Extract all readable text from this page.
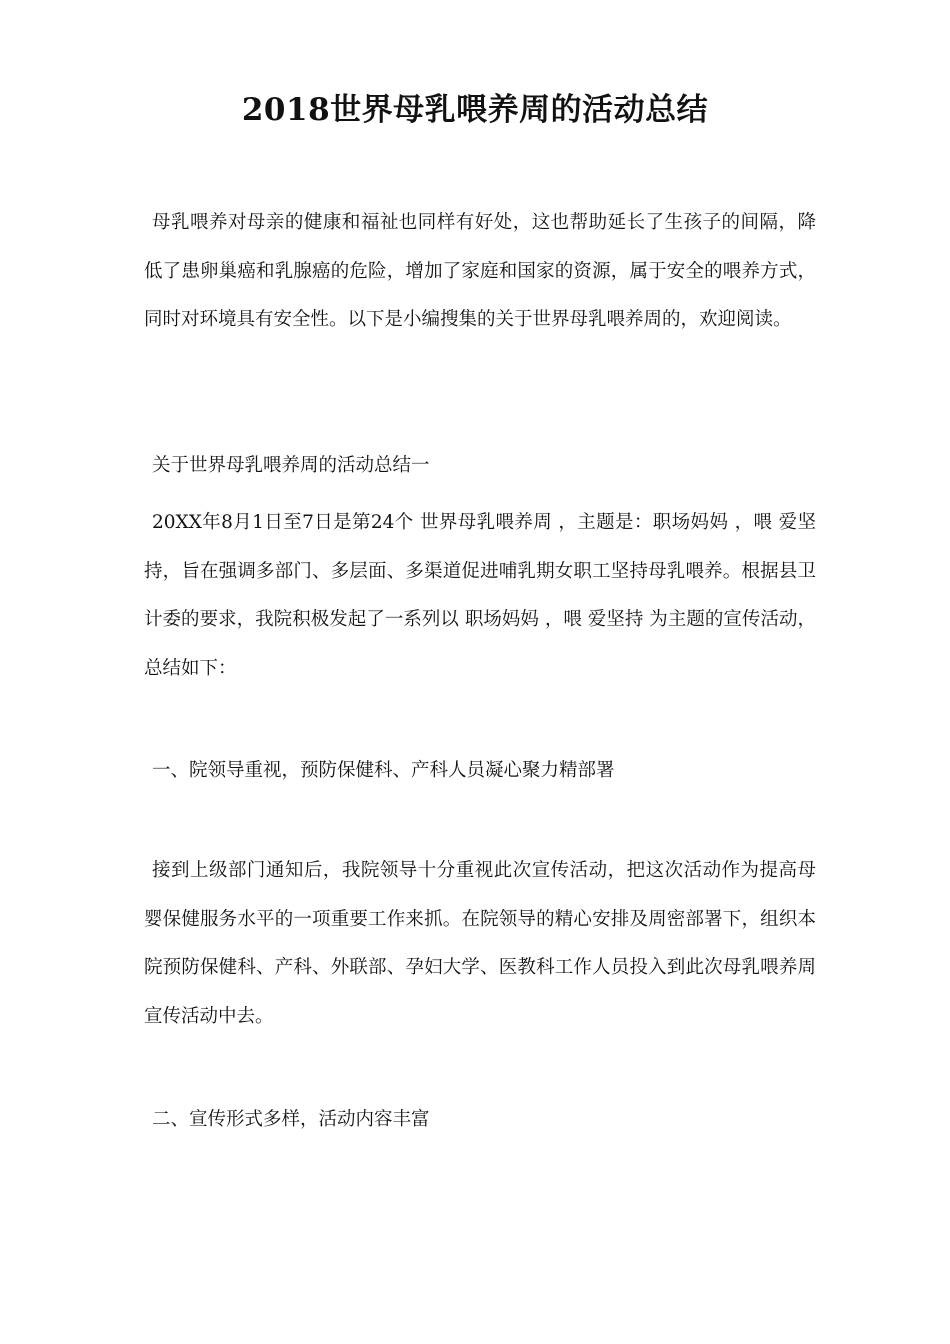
2018世界母乳喂养周的活动总结

母乳喂养对母亲的健康和福祉也同样有好处，这也帮助延长了生孩子的间隔，降低了患卵巢癌和乳腺癌的危险，增加了家庭和国家的资源，属于安全的喂养方式，同时对环境具有安全性。以下是小编搜集的关于世界母乳喂养周的，欢迎阅读。

关于世界母乳喂养周的活动总结一

20XX年8月1日至7日是第24个 世界母乳喂养周 ，主题是：职场妈妈 ，喂 爱坚持，旨在强调多部门、多层面、多渠道促进哺乳期女职工坚持母乳喂养。根据县卫计委的要求，我院积极发起了一系列以 职场妈妈 ，喂 爱坚持 为主题的宣传活动，总结如下：

一、院领导重视，预防保健科、产科人员凝心聚力精部署

接到上级部门通知后，我院领导十分重视此次宣传活动，把这次活动作为提高母婴保健服务水平的一项重要工作来抓。在院领导的精心安排及周密部署下，组织本院预防保健科、产科、外联部、孕妇大学、医教科工作人员投入到此次母乳喂养周宣传活动中去。

二、宣传形式多样，活动内容丰富
